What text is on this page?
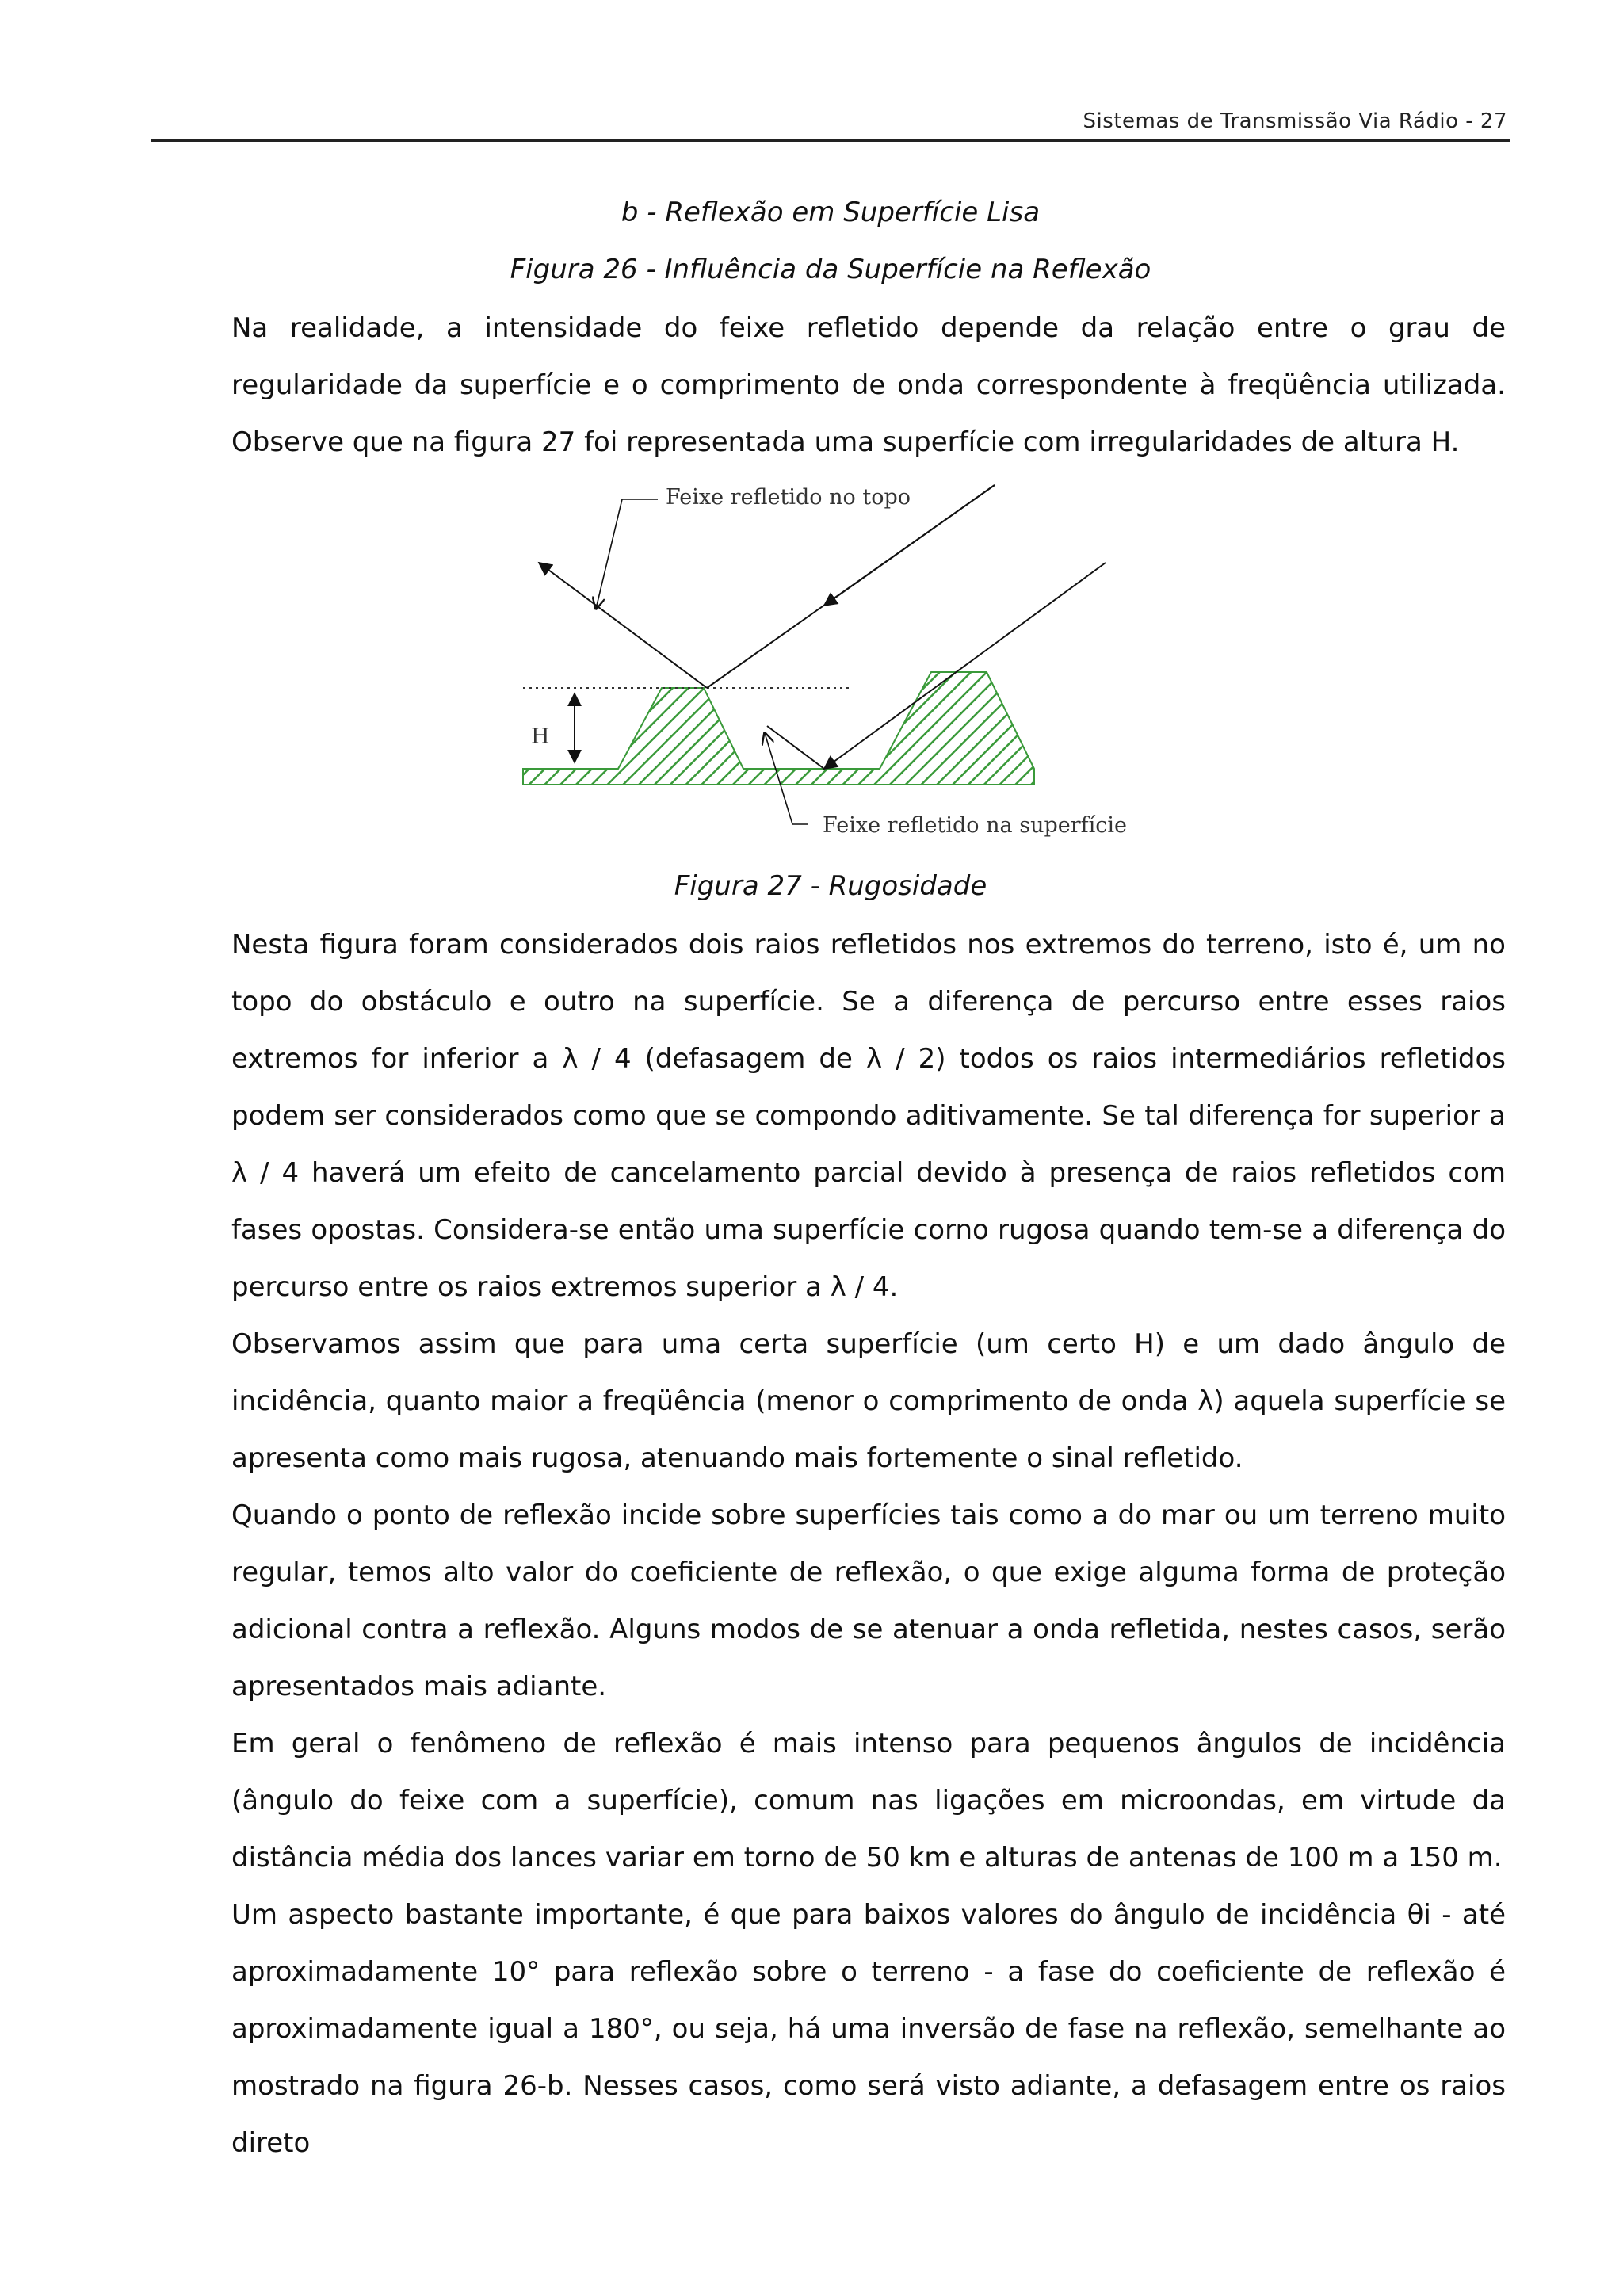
Sistemas de Transmissão Via Rádio - 27
b - Reflexão em Superfície Lisa
Figura 26 - Influência da Superfície na Reflexão

Na realidade, a intensidade do feixe refletido depende da relação entre o grau de regularidade da superfície e o comprimento de onda correspondente à freqüência utilizada. Observe que na figura 27 foi representada uma superfície com irregularidades de altura H.

H
Feixe refletido no topo
Feixe refletido na superfície
Figura 27 - Rugosidade

Nesta figura foram considerados dois raios refletidos nos extremos do terreno, isto é, um no topo do obstáculo e outro na superfície. Se a diferença de percurso entre esses raios extremos for inferior a λ / 4 (defasagem de λ / 2) todos os raios intermediários refletidos podem ser considerados como que se compondo aditivamente. Se tal diferença for superior a λ / 4 haverá um efeito de cancelamento parcial devido à presença de raios refletidos com fases opostas. Considera-se então uma superfície corno rugosa quando tem-se a diferença do percurso entre os raios extremos superior a λ / 4.

Observamos assim que para uma certa superfície (um certo H) e um dado ângulo de incidência, quanto maior a freqüência (menor o comprimento de onda λ) aquela superfície se apresenta como mais rugosa, atenuando mais fortemente o sinal refletido.

Quando o ponto de reflexão incide sobre superfícies tais como a do mar ou um terreno muito regular, temos alto valor do coeficiente de reflexão, o que exige alguma forma de proteção adicional contra a reflexão. Alguns modos de se atenuar a onda refletida, nestes casos, serão apresentados mais adiante.

Em geral o fenômeno de reflexão é mais intenso para pequenos ângulos de incidência (ângulo do feixe com a superfície), comum nas ligações em microondas, em virtude da distância média dos lances variar em torno de 50 km e alturas de antenas de 100 m a 150 m.

Um aspecto bastante importante, é que para baixos valores do ângulo de incidência θi - até aproximadamente 10° para reflexão sobre o terreno - a fase do coeficiente de reflexão é aproximadamente igual a 180°, ou seja, há uma inversão de fase na reflexão, semelhante ao mostrado na figura 26-b. Nesses casos, como será visto adiante, a defasagem entre os raios direto
